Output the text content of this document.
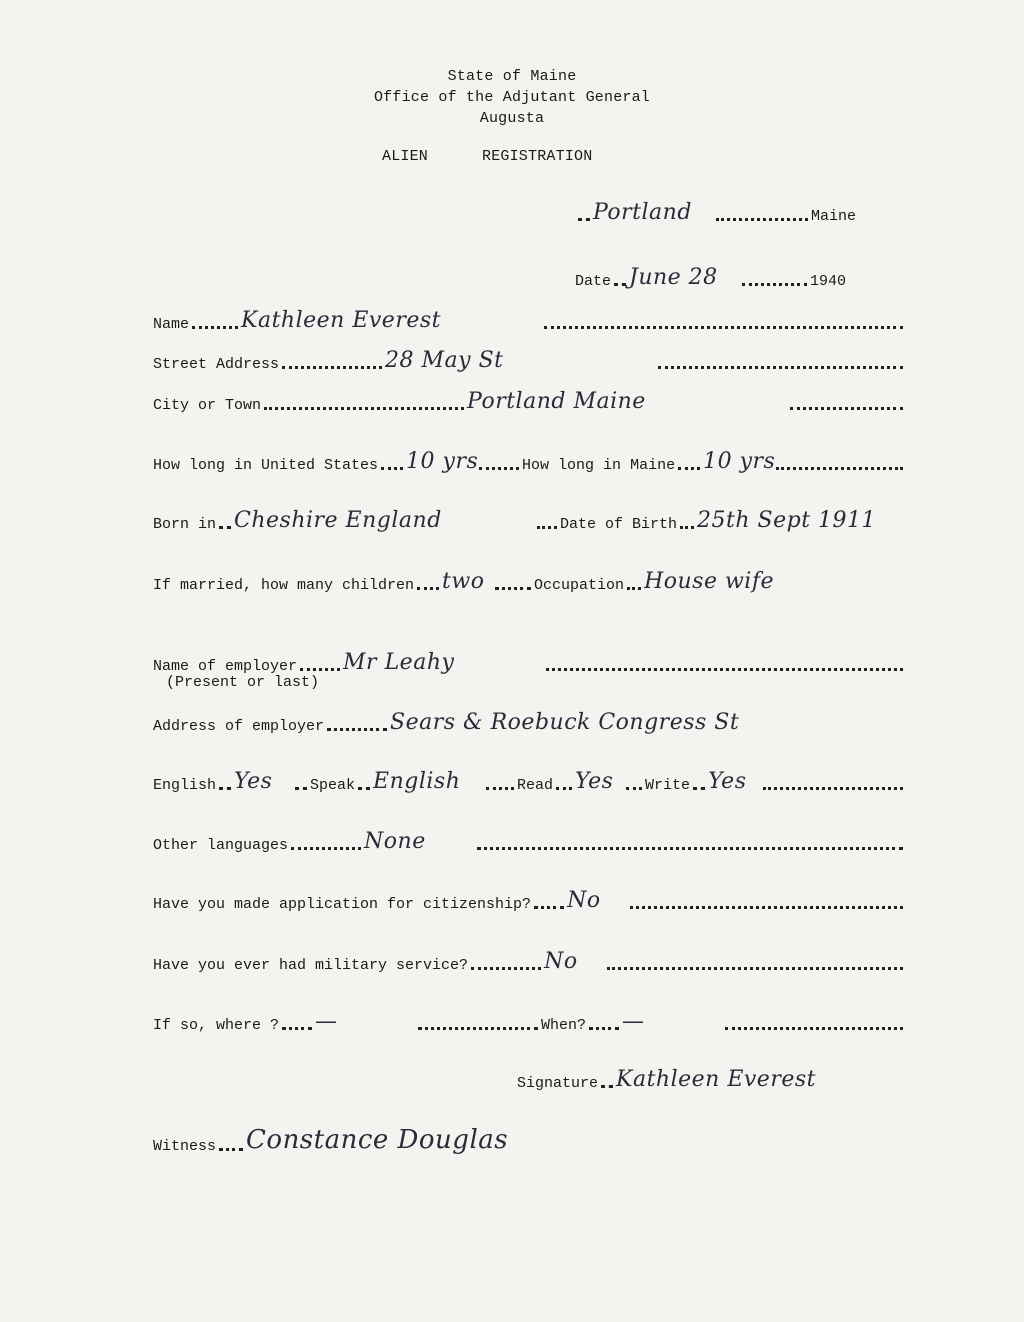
State of Maine
Office of the Adjutant General
Augusta
ALIEN	REGISTRATION
Portland	Maine
Date June 28	1940
Name Kathleen Everest
Street Address	28 May St
City or Town	Portland Maine
How long in United States 10 yrs	How long in Maine 10 yrs
Born in Cheshire England	Date of Birth 25th Sept 1911
If married, how many children two	Occupation House wife
Name of employer Mr Leahy
(Present or last)
Address of employer	Sears & Roebuck Congress St
English Yes	Speak English	Read Yes Write Yes
Other languages	None
Have you made application for citizenship? No
Have you ever had military service?	No
If so, where ? —	When? —
Signature Kathleen Everest
Witness Constance Douglas
